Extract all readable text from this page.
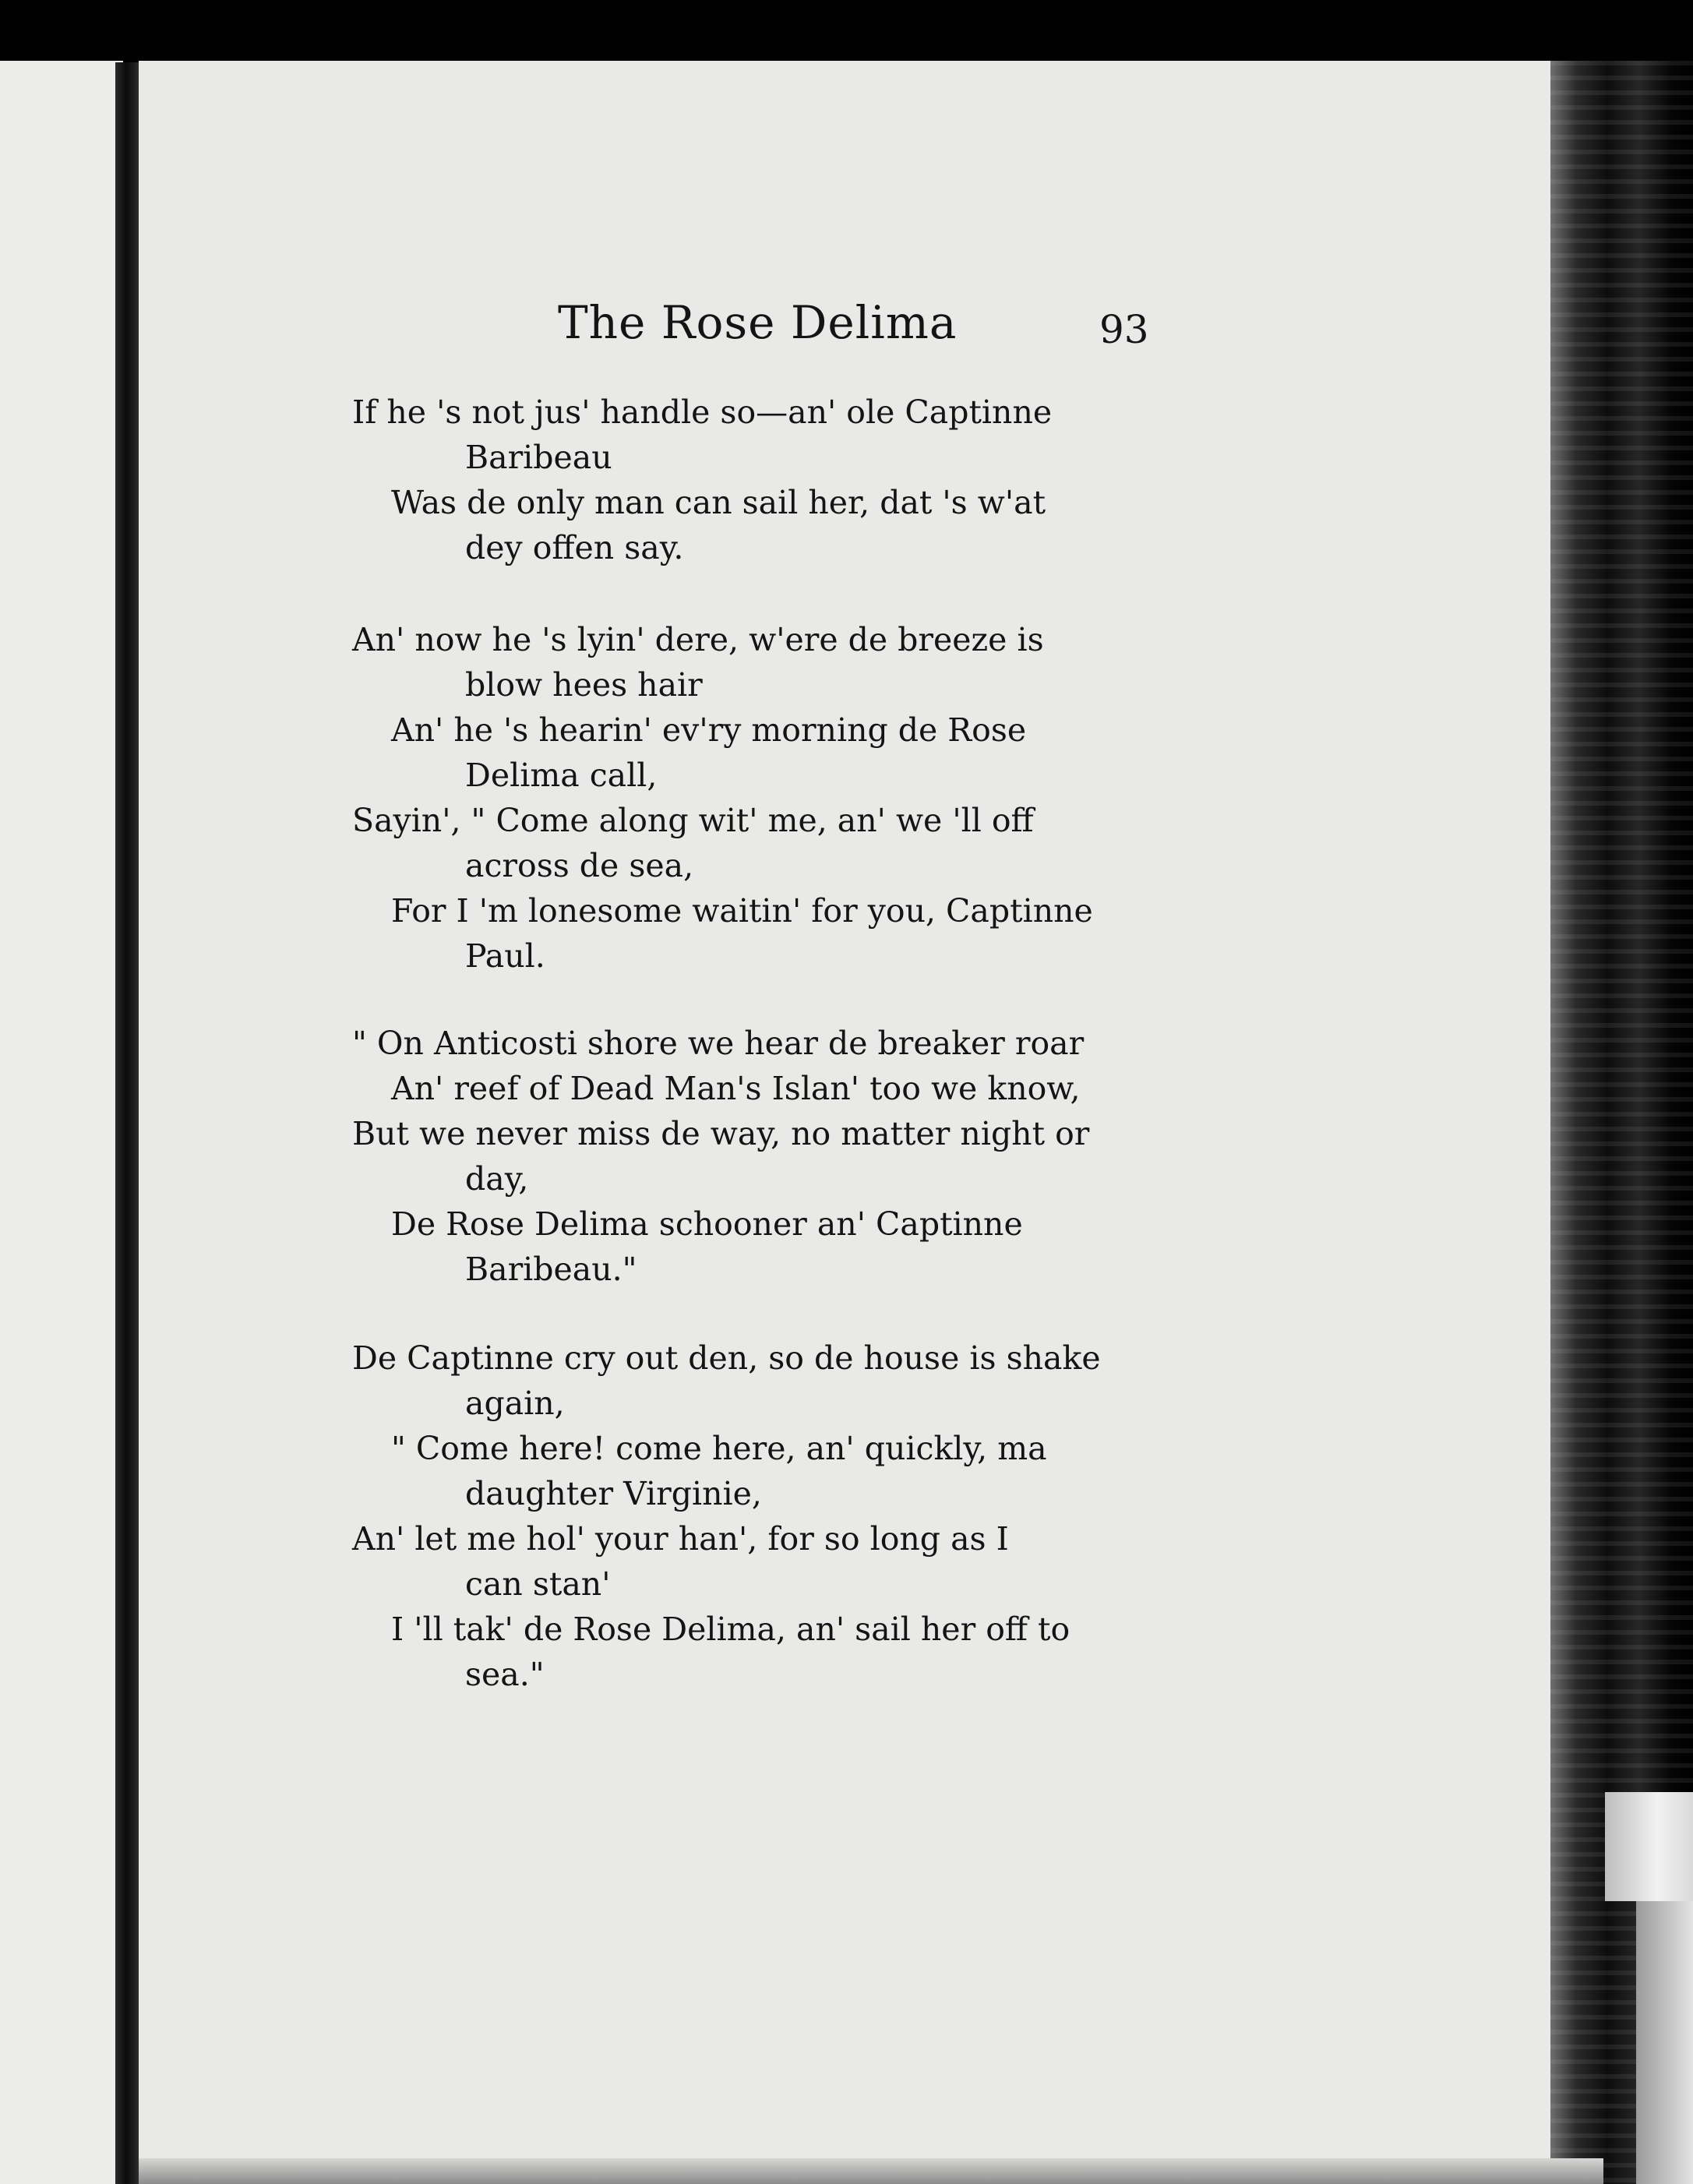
The Rose Delima	93
If he 's not jus' handle so—an' ole Captinne
Baribeau
Was de only man can sail her, dat 's w'at
dey offen say.
An' now he 's lyin' dere, w'ere de breeze is
blow hees hair
An' he 's hearin' ev'ry morning de Rose
Delima call,
Sayin', " Come along wit' me, an' we 'll off
across de sea,
For I 'm lonesome waitin' for you, Captinne
Paul.
" On Anticosti shore we hear de breaker roar
An' reef of Dead Man's Islan' too we know,
But we never miss de way, no matter night or
day,
De Rose Delima schooner an' Captinne
Baribeau."
De Captinne cry out den, so de house is shake
again,
" Come here! come here, an' quickly, ma
daughter Virginie,
An' let me hol' your han', for so long as I
can stan'
I 'll tak' de Rose Delima, an' sail her off to
sea."
